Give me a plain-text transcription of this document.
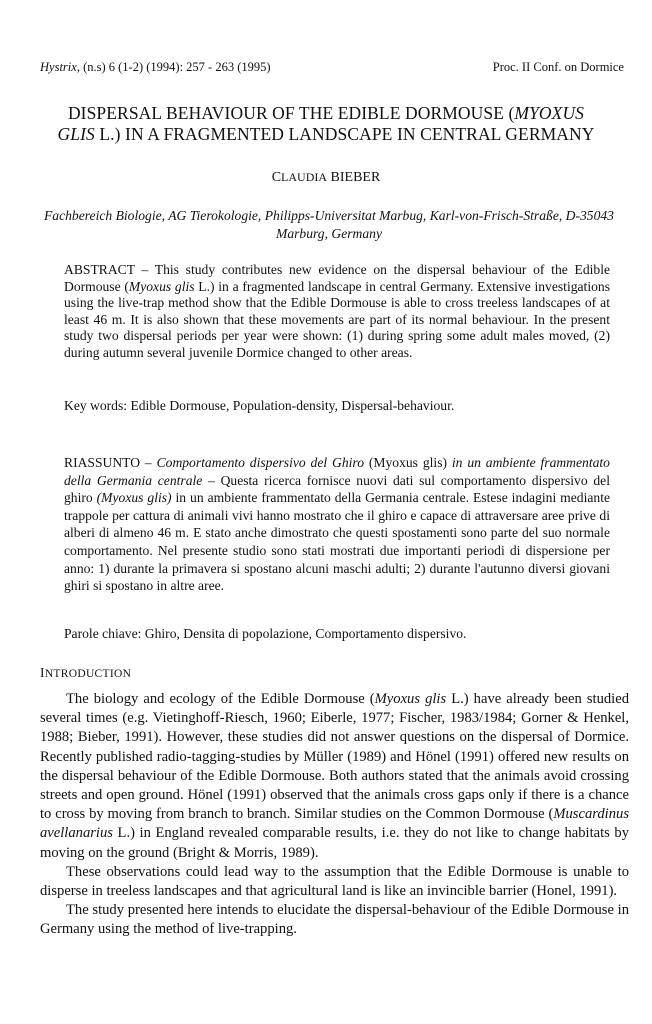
Hystrix, (n.s) 6 (1-2) (1994): 257 - 263 (1995)	Proc. II Conf. on Dormice
DISPERSAL BEHAVIOUR OF THE EDIBLE DORMOUSE (MYOXUS
GLIS L.) IN A FRAGMENTED LANDSCAPE IN CENTRAL GERMANY
CLAUDIA BIEBER
Fachbereich Biologie, AG Tierokologie, Philipps-Universitat Marbug, Karl-von-Frisch-Straße, D-35043 Marburg, Germany

ABSTRACT – This study contributes new evidence on the dispersal behaviour of the Edible Dormouse (Myoxus glis L.) in a fragmented landscape in central Germany. Extensive investigations using the live-trap method show that the Edible Dormouse is able to cross treeless landscapes of at least 46 m. It is also shown that these movements are part of its normal behaviour. In the present study two dispersal periods per year were shown: (1) during spring some adult males moved, (2) during autumn several juvenile Dormice changed to other areas.

Key words: Edible Dormouse, Population-density, Dispersal-behaviour.

RIASSUNTO – Comportamento dispersivo del Ghiro (Myoxus glis) in un ambiente frammentato della Germania centrale – Questa ricerca fornisce nuovi dati sul comportamento dispersivo del ghiro (Myoxus glis) in un ambiente frammentato della Germania centrale. Estese indagini mediante trappole per cattura di animali vivi hanno mostrato che il ghiro e capace di attraversare aree prive di alberi di almeno 46 m. E stato anche dimostrato che questi spostamenti sono parte del suo normale comportamento. Nel presente studio sono stati mostrati due importanti periodi di dispersione per anno: 1) durante la primavera si spostano alcuni maschi adulti; 2) durante l'autunno diversi giovani ghiri si spostano in altre aree.

Parole chiave: Ghiro, Densita di popolazione, Comportamento dispersivo.
INTRODUCTION

The biology and ecology of the Edible Dormouse (Myoxus glis L.) have already been studied several times (e.g. Vietinghoff-Riesch, 1960; Eiberle, 1977; Fischer, 1983/1984; Gorner & Henkel, 1988; Bieber, 1991). However, these studies did not answer questions on the dispersal of Dormice. Recently published radio-tagging-studies by Müller (1989) and Hönel (1991) offered new results on the dispersal behaviour of the Edible Dormouse. Both authors stated that the animals avoid crossing streets and open ground. Hönel (1991) observed that the animals cross gaps only if there is a chance to cross by moving from branch to branch. Similar studies on the Common Dormouse (Muscardinus avellanarius L.) in England revealed comparable results, i.e. they do not like to change habitats by moving on the ground (Bright & Morris, 1989).

These observations could lead way to the assumption that the Edible Dormouse is unable to disperse in treeless landscapes and that agricultural land is like an invincible barrier (Honel, 1991).

The study presented here intends to elucidate the dispersal-behaviour of the Edible Dormouse in Germany using the method of live-trapping.
